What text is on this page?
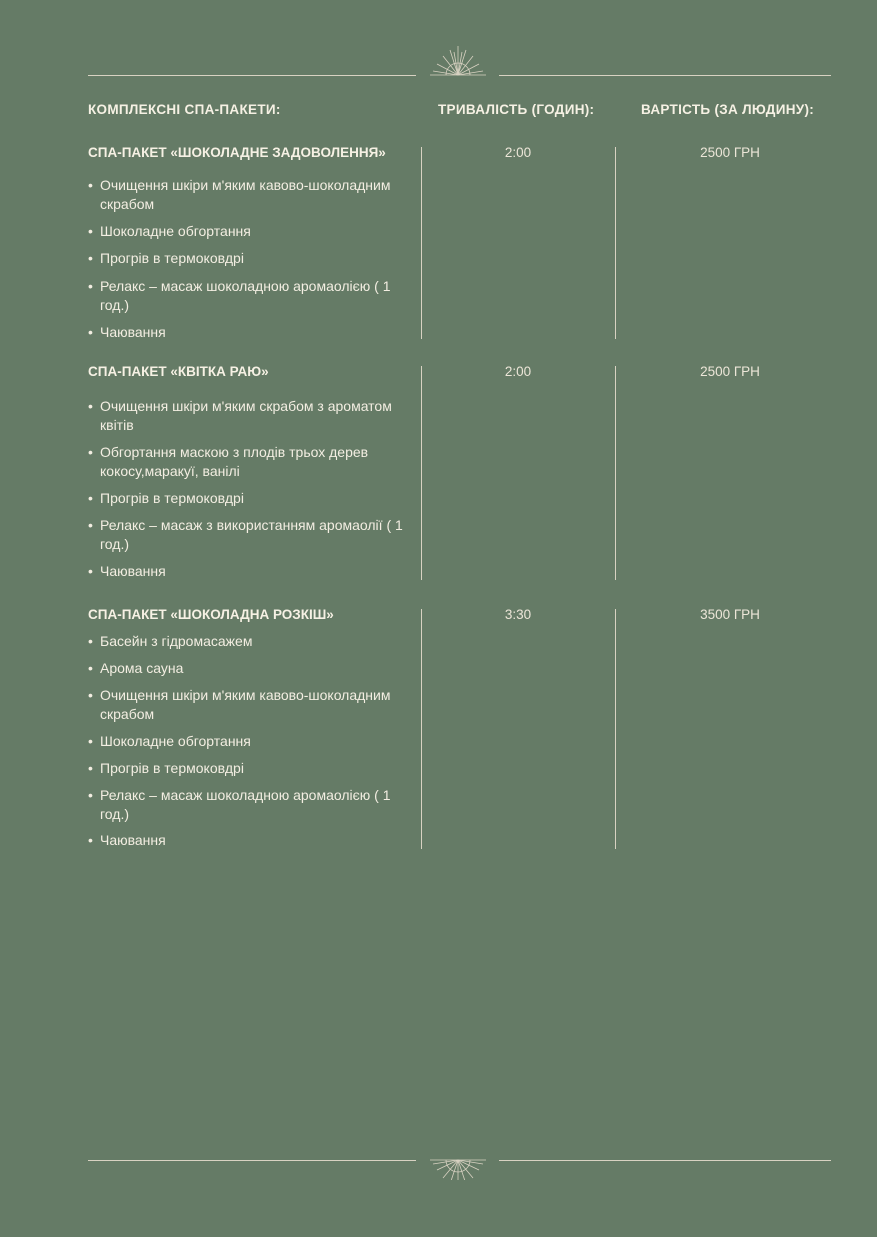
КОМПЛЕКСНІ СПА-ПАКЕТИ:	ТРИВАЛІСТЬ (ГОДИН):	ВАРТІСТЬ (ЗА ЛЮДИНУ):
СПА-ПАКЕТ «ШОКОЛАДНЕ ЗАДОВОЛЕННЯ»	2:00	2500 ГРН
• Очищення шкіри м'яким кавово-шоколадним скрабом
• Шоколадне обгортання
• Прогрів в термоковдрі
• Релакс – масаж шоколадною аромаолією ( 1 год.)
• Чаювання
СПА-ПАКЕТ «КВІТКА РАЮ»	2:00	2500 ГРН
• Очищення шкіри м'яким скрабом з ароматом квітів
• Обгортання маскою з плодів трьох дерев кокосу,маракуї, ванілі
• Прогрів в термоковдрі
• Релакс – масаж з використанням аромаолії ( 1 год.)
• Чаювання
СПА-ПАКЕТ «ШОКОЛАДНА РОЗКІШ»	3:30	3500 ГРН
• Басейн з гідромасажем
• Арома сауна
• Очищення шкіри м'яким кавово-шоколадним скрабом
• Шоколадне обгортання
• Прогрів в термоковдрі
• Релакс – масаж шоколадною аромаолією ( 1 год.)
• Чаювання
